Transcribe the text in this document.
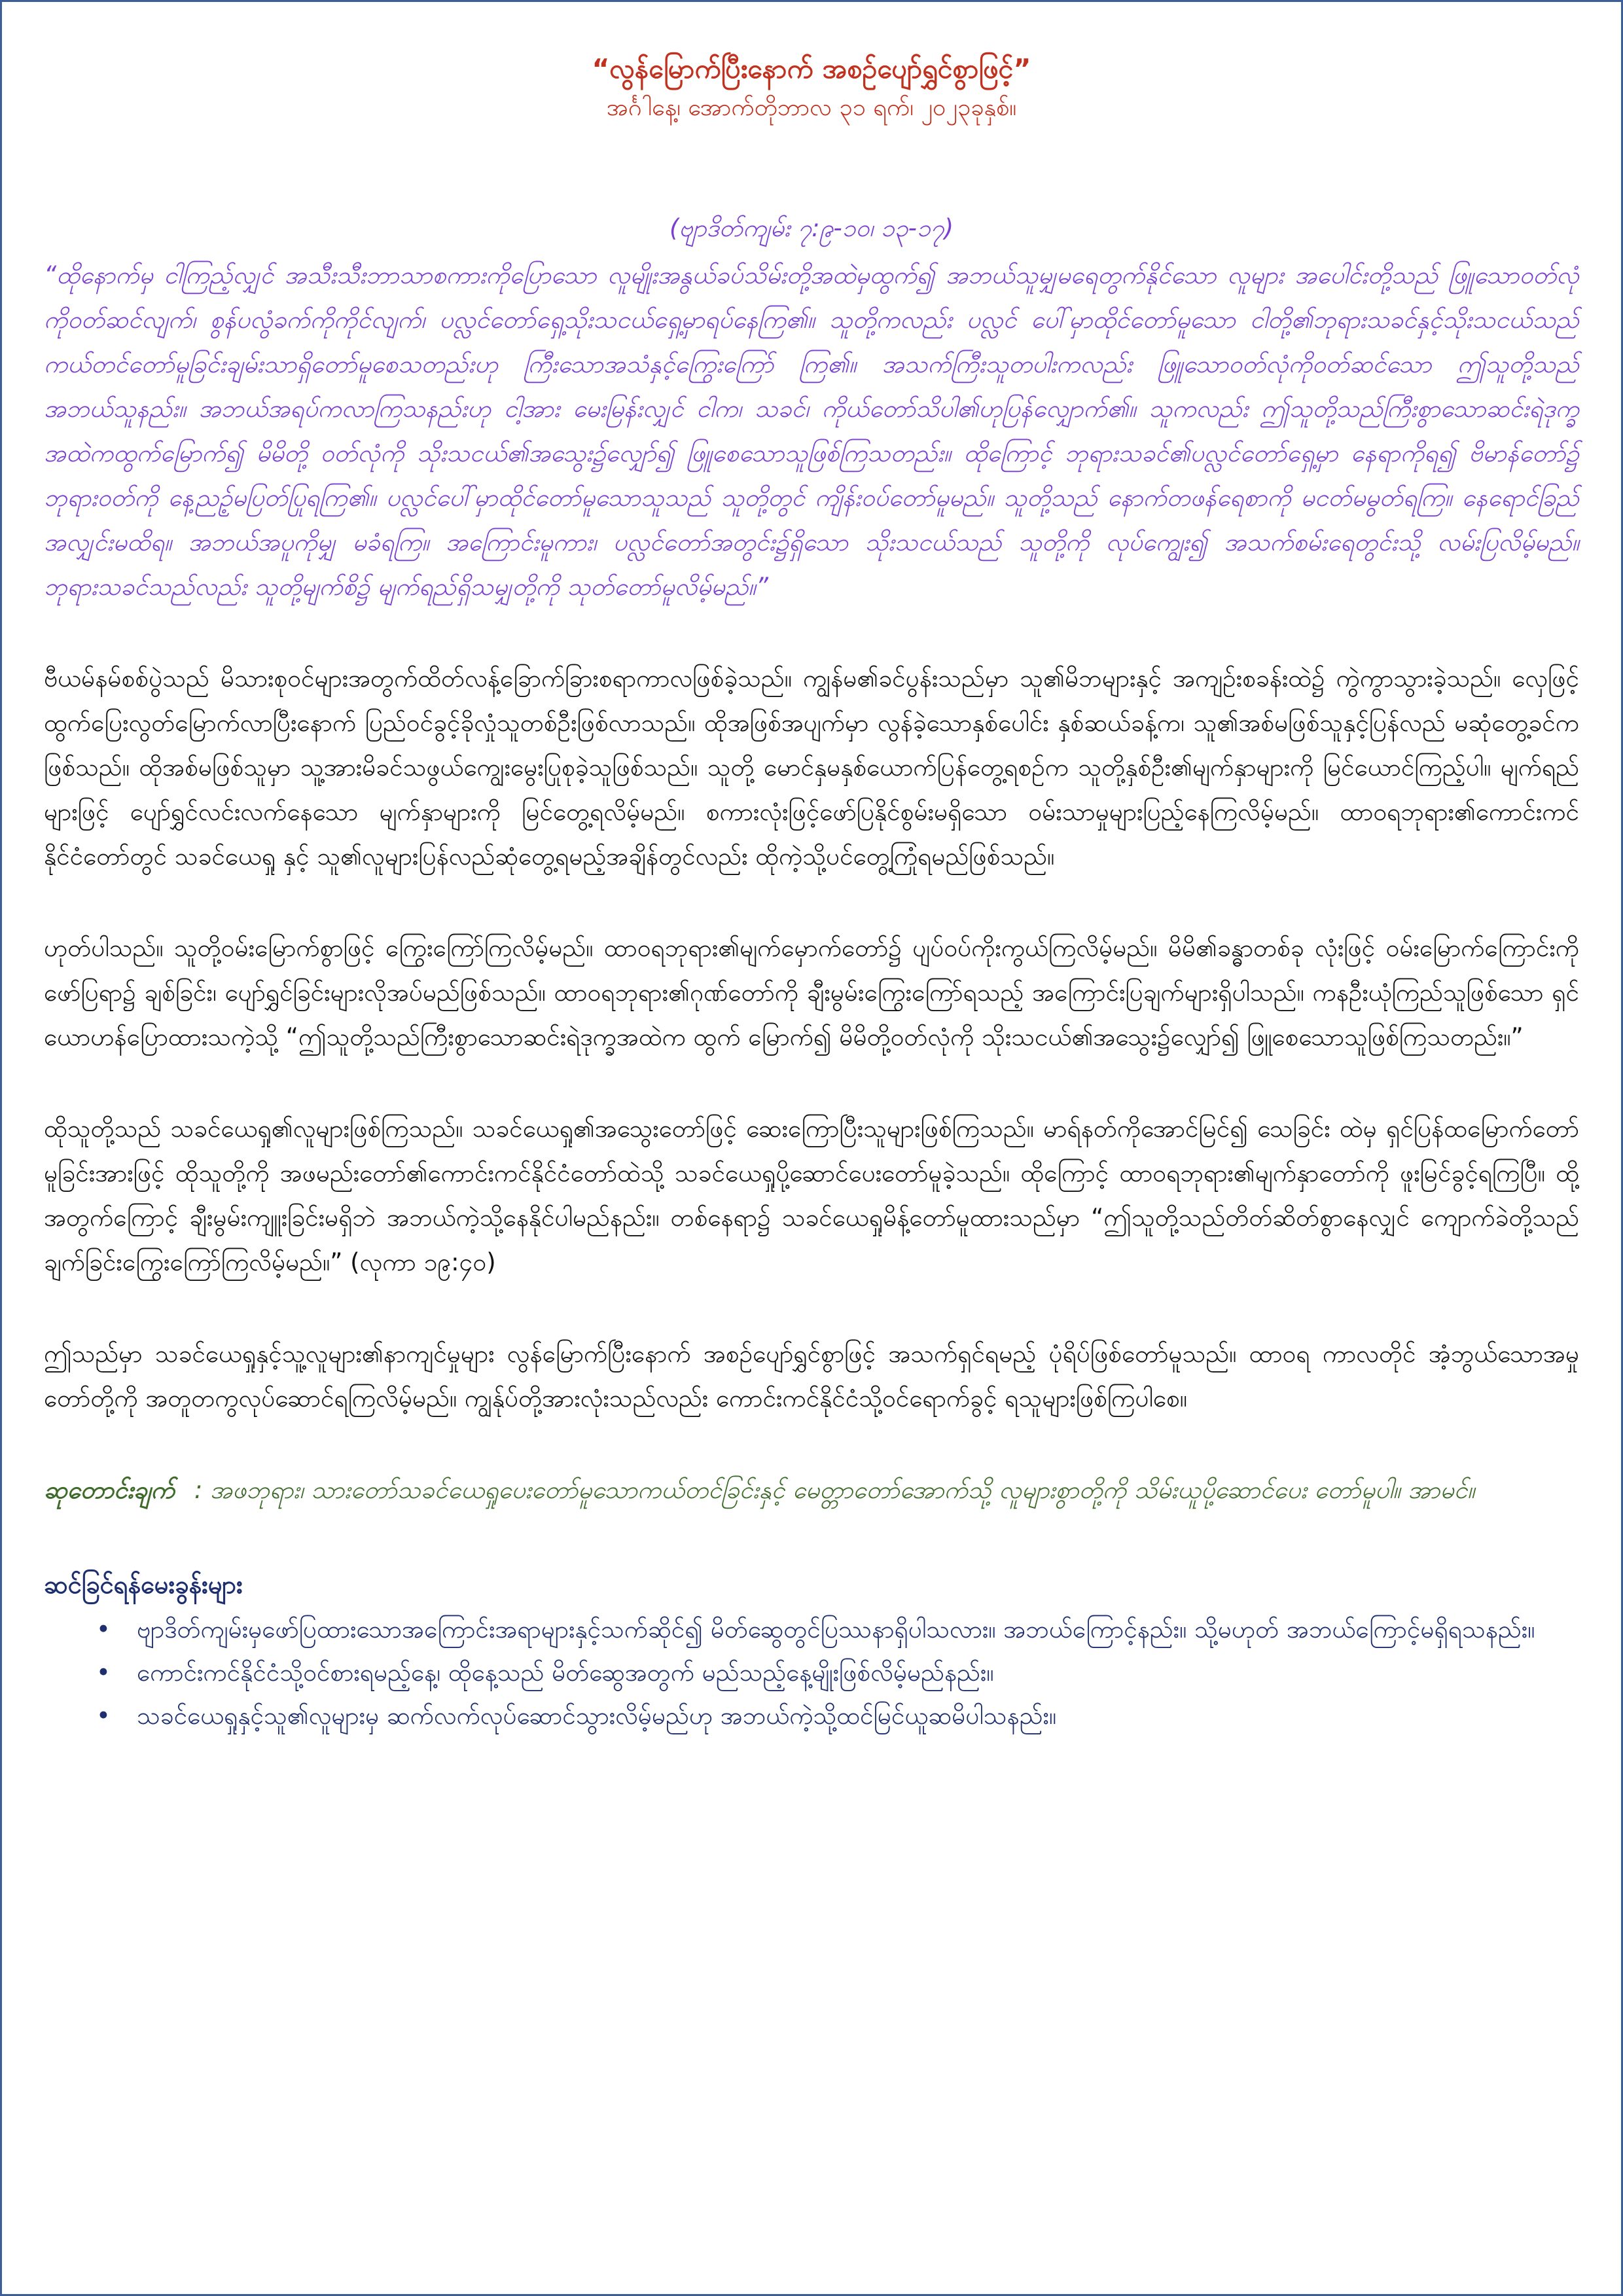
“လွန်မြောက်ပြီးနောက် အစဉ်ပျော်ရွှင်စွာဖြင့်”
အင်္ဂါနေ့၊ အောက်တိုဘာလ ၃၁ ရက်၊ ၂၀၂၃ခုနှစ်။
(ဗျာဒိတ်ကျမ်း ၇:၉-၁၀၊ ၁၃-၁၇)

“ထိုနောက်မှ ငါကြည့်လျှင် အသီးသီးဘာသာစကားကိုပြောသော လူမျိုးအနွယ်ခပ်သိမ်းတို့အထဲမှထွက်၍ အဘယ်သူမျှမရေတွက်နိုင်သော လူများ အပေါင်းတို့သည် ဖြူသောဝတ်လုံကိုဝတ်ဆင်လျက်၊ စွန်ပလွံခက်ကိုကိုင်လျက်၊ ပလ္လင်တော်ရှေ့သိုးသငယ်ရှေ့မှာရပ်နေကြ၏။ သူတို့ကလည်း ပလ္လင် ပေါ်မှာထိုင်တော်မူသော ငါတို့၏ဘုရားသခင်နှင့်သိုးသငယ်သည် ကယ်တင်တော်မူခြင်းချမ်းသာရှိတော်မူစေသတည်းဟု ကြီးသောအသံနှင့်ကြွေးကြော် ကြ၏။ အသက်ကြီးသူတပါးကလည်း ဖြူသောဝတ်လုံကိုဝတ်ဆင်သော ဤသူတို့သည် အဘယ်သူနည်း။ အဘယ်အရပ်ကလာကြသနည်းဟု ငါ့အား မေးမြန်းလျှင် ငါက၊ သခင်၊ ကိုယ်တော်သိပါ၏ဟုပြန်လျှောက်၏။ သူကလည်း ဤသူတို့သည်ကြီးစွာသောဆင်းရဲဒုက္ခအထဲကထွက်မြောက်၍ မိမိတို့ ဝတ်လုံကို သိုးသငယ်၏အသွေး၌လျှော်၍ ဖြူစေသောသူဖြစ်ကြသတည်း။ ထိုကြောင့် ဘုရားသခင်၏ပလ္လင်တော်ရှေ့မှာ နေရာကိုရ၍ ဗိမာန်တော်၌ ဘုရားဝတ်ကို နေ့ညဉ့်မပြတ်ပြုရကြ၏။ ပလ္လင်ပေါ်မှာထိုင်တော်မူသောသူသည် သူတို့တွင် ကျိန်းဝပ်တော်မူမည်။ သူတို့သည် နောက်တဖန်ရေစာကို မငတ်မမွတ်ရကြ။ နေရောင်ခြည်အလျှင်းမထိရ။ အဘယ်အပူကိုမျှ မခံရကြ။ အကြောင်းမူကား၊ ပလ္လင်တော်အတွင်း၌ရှိသော သိုးသငယ်သည် သူတို့ကို လုပ်ကျွေး၍ အသက်စမ်းရေတွင်းသို့ လမ်းပြလိမ့်မည်။ ဘုရားသခင်သည်လည်း သူတို့မျက်စိ၌ မျက်ရည်ရှိသမျှတို့ကို သုတ်တော်မူလိမ့်မည်။”

ဗီယမ်နမ်စစ်ပွဲသည် မိသားစုဝင်များအတွက်ထိတ်လန့်ခြောက်ခြားစရာကာလဖြစ်ခဲ့သည်။ ကျွန်မ၏ခင်ပွန်းသည်မှာ သူ၏မိဘများနှင့် အကျဉ်းစခန်းထဲ၌ ကွဲကွာသွားခဲ့သည်။ လှေဖြင့်ထွက်ပြေးလွတ်မြောက်လာပြီးနောက် ပြည်ဝင်ခွင့်ခိုလှုံသူတစ်ဦးဖြစ်လာသည်။ ထိုအဖြစ်အပျက်မှာ လွန်ခဲ့သောနှစ်ပေါင်း နှစ်ဆယ်ခန့်က၊ သူ၏အစ်မဖြစ်သူနှင့်ပြန်လည် မဆုံတွေ့ခင်ကဖြစ်သည်။ ထိုအစ်မဖြစ်သူမှာ သူ့အားမိခင်သဖွယ်ကျွေးမွေးပြုစုခဲ့သူဖြစ်သည်။ သူတို့ မောင်နှမနှစ်ယောက်ပြန်တွေ့ရစဉ်က သူတို့နှစ်ဦး၏မျက်နှာများကို မြင်ယောင်ကြည့်ပါ။ မျက်ရည်များဖြင့် ပျော်ရွှင်လင်းလက်နေသော မျက်နှာများကို မြင်တွေ့ရလိမ့်မည်။ စကားလုံးဖြင့်ဖော်ပြနိုင်စွမ်းမရှိသော ဝမ်းသာမှုများပြည့်နေကြလိမ့်မည်။ ထာဝရဘုရား၏ကောင်းကင်နိုင်ငံတော်တွင် သခင်ယေရှု နှင့် သူ၏လူများပြန်လည်ဆုံတွေ့ရမည့်အချိန်တွင်လည်း ထိုကဲ့သို့ပင်တွေ့ကြုံရမည်ဖြစ်သည်။

ဟုတ်ပါသည်။ သူတို့ဝမ်းမြောက်စွာဖြင့် ကြွေးကြော်ကြလိမ့်မည်။ ထာဝရဘုရား၏မျက်မှောက်တော်၌ ပျပ်ဝပ်ကိုးကွယ်ကြလိမ့်မည်။ မိမိ၏ခန္ဓာတစ်ခု လုံးဖြင့် ဝမ်းမြောက်ကြောင်းကိုဖော်ပြရာ၌ ချစ်ခြင်း၊ ပျော်ရွှင်ခြင်းများလိုအပ်မည်ဖြစ်သည်။ ထာဝရဘုရား၏ဂုဏ်တော်ကို ချီးမွမ်းကြွေးကြော်ရသည့် အကြောင်းပြချက်များရှိပါသည်။ ကနဦးယုံကြည်သူဖြစ်သော ရှင်ယောဟန်ပြောထားသကဲ့သို့ “ဤသူတို့သည်ကြီးစွာသောဆင်းရဲဒုက္ခအထဲက ထွက် မြောက်၍ မိမိတို့ဝတ်လုံကို သိုးသငယ်၏အသွေး၌လျှော်၍ ဖြူစေသောသူဖြစ်ကြသတည်း။”

ထိုသူတို့သည် သခင်ယေရှု၏လူများဖြစ်ကြသည်။ သခင်ယေရှု၏အသွေးတော်ဖြင့် ဆေးကြောပြီးသူများဖြစ်ကြသည်။ မာရ်နတ်ကိုအောင်မြင်၍ သေခြင်း ထဲမှ ရှင်ပြန်ထမြောက်တော်မူခြင်းအားဖြင့် ထိုသူတို့ကို အဖမည်းတော်၏ကောင်းကင်နိုင်ငံတော်ထဲသို့ သခင်ယေရှုပို့ဆောင်ပေးတော်မူခဲ့သည်။ ထိုကြောင့် ထာဝရဘုရား၏မျက်နှာတော်ကို ဖူးမြင်ခွင့်ရကြပြီ။ ထို့အတွက်ကြောင့် ချီးမွမ်းကျူးခြင်းမရှိဘဲ အဘယ်ကဲ့သို့နေနိုင်ပါမည်နည်း။ တစ်နေရာ၌ သခင်ယေရှုမိန့်တော်မူထားသည်မှာ “ဤသူတို့သည်တိတ်ဆိတ်စွာနေလျှင် ကျောက်ခဲတို့သည် ချက်ခြင်းကြွေးကြော်ကြလိမ့်မည်။” (လုကာ ၁၉:၄၀)

ဤသည်မှာ သခင်ယေရှုနှင့်သူ့လူများ၏နာကျင်မှုများ လွန်မြောက်ပြီးနောက် အစဉ်ပျော်ရွှင်စွာဖြင့် အသက်ရှင်ရမည့် ပုံရိပ်ဖြစ်တော်မူသည်။ ထာဝရ ကာလတိုင် အံ့ဘွယ်သောအမှုတော်တို့ကို အတူတကွလုပ်ဆောင်ရကြလိမ့်မည်။ ကျွန်ုပ်တို့အားလုံးသည်လည်း ကောင်းကင်နိုင်ငံသို့ဝင်ရောက်ခွင့် ရသူများဖြစ်ကြပါစေ။

ဆုတောင်းချက် : အဖဘုရား၊ သားတော်သခင်ယေရှုပေးတော်မူသောကယ်တင်ခြင်းနှင့် မေတ္တာတော်အောက်သို့ လူများစွာတို့ကို သိမ်းယူပို့ဆောင်ပေး တော်မူပါ။ အာမင်။
ဆင်ခြင်ရန်မေးခွန်းများ
• ဗျာဒိတ်ကျမ်းမှဖော်ပြထားသောအကြောင်းအရာများနှင့်သက်ဆိုင်၍ မိတ်ဆွေတွင်ပြဿနာရှိပါသလား။ အဘယ်ကြောင့်နည်း။ သို့မဟုတ် အဘယ်ကြောင့်မရှိရသနည်း။
• ကောင်းကင်နိုင်ငံသို့ဝင်စားရမည့်နေ့၊ ထိုနေ့သည် မိတ်ဆွေအတွက် မည်သည့်နေ့မျိုးဖြစ်လိမ့်မည်နည်း။
• သခင်ယေရှုနှင့်သူ၏လူများမှ ဆက်လက်လုပ်ဆောင်သွားလိမ့်မည်ဟု အဘယ်ကဲ့သို့ထင်မြင်ယူဆမိပါသနည်း။
